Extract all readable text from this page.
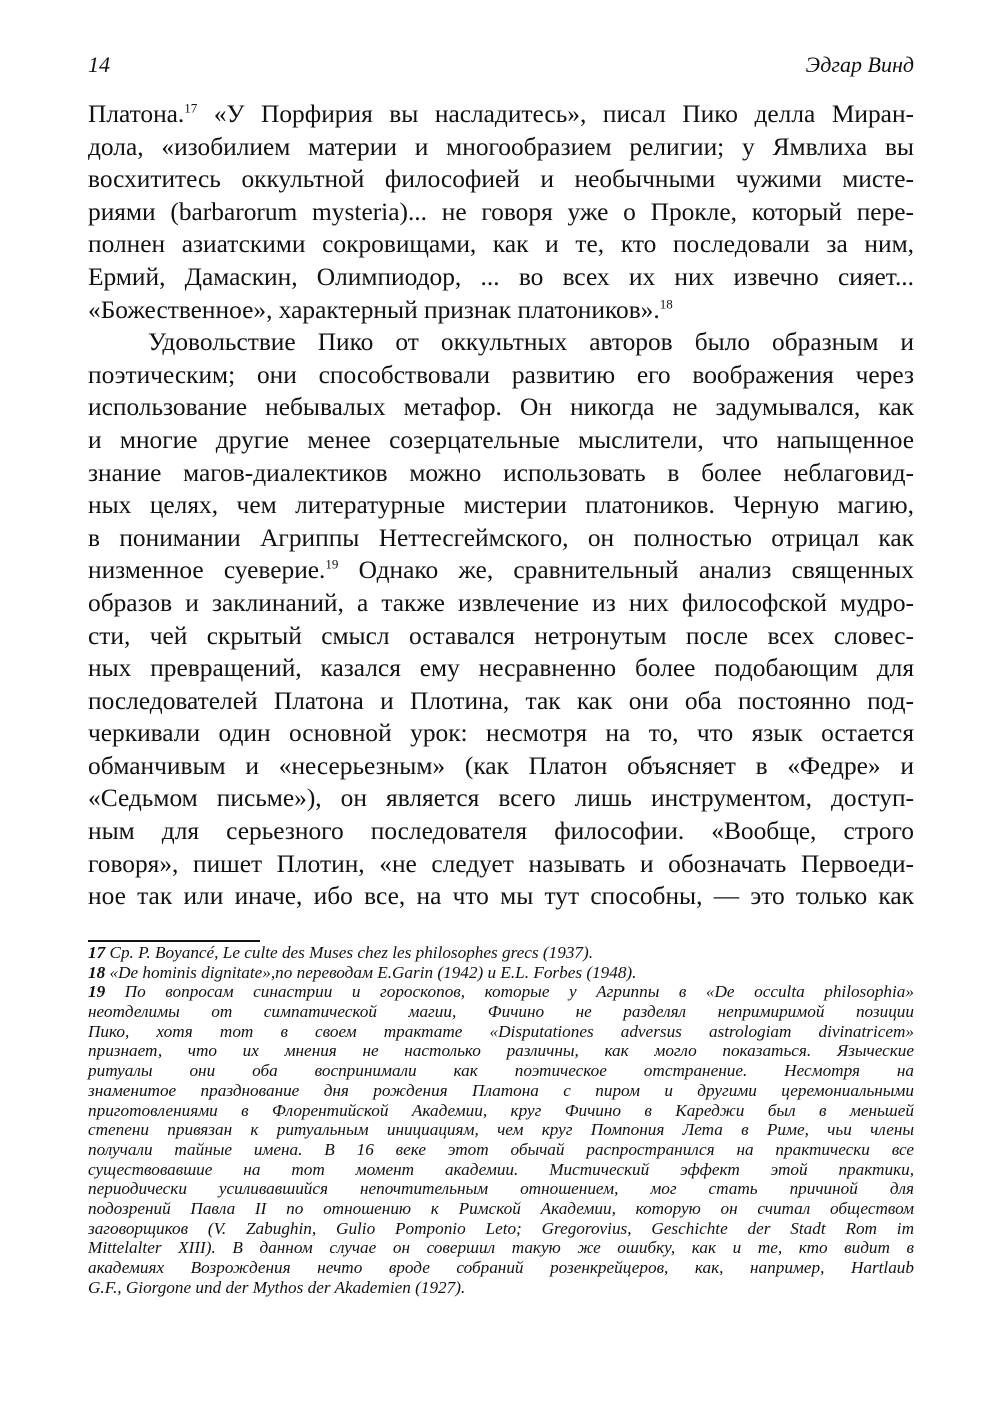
14	Эдгар Винд
Платона.$^{17}$ «У Порфирия вы насладитесь», писал Пико делла Миран-
дола, «изобилием материи и многообразием религии; у Ямвлиха вы
восхититесь оккультной философией и необычными чужими мисте-
риями (barbarorum mysteria)... не говоря уже о Прокле, который пере-
полнен азиатскими сокровищами, как и те, кто последовали за ним,
Ермий, Дамаскин, Олимпиодор, ... во всех их них извечно сияет...
«Божественное», характерный признак платоников».$^{18}$
Удовольствие Пико от оккультных авторов было образным и
поэтическим; они способствовали развитию его воображения через
использование небывалых метафор. Он никогда не задумывался, как
и многие другие менее созерцательные мыслители, что напыщенное
знание магов-диалектиков можно использовать в более неблаговид-
ных целях, чем литературные мистерии платоников. Черную магию,
в понимании Агриппы Неттесгеймского, он полностью отрицал как
низменное суеверие.$^{19}$ Однако же, сравнительный анализ священных
образов и заклинаний, а также извлечение из них философской мудро-
сти, чей скрытый смысл оставался нетронутым после всех словес-
ных превращений, казался ему несравненно более подобающим для
последователей Платона и Плотина, так как они оба постоянно под-
черкивали один основной урок: несмотря на то, что язык остается
обманчивым и «несерьезным» (как Платон объясняет в «Федре» и
«Седьмом письме»), он является всего лишь инструментом, доступ-
ным для серьезного последователя философии. «Вообще, строго
говоря», пишет Плотин, «не следует называть и обозначать Первоеди-
ное так или иначе, ибо все, на что мы тут способны, — это только как
17 Ср. P. Boyancé, Le culte des Muses chez les philosophes grecs (1937).
18 «De hominis dignitate»,по переводам E.Garin (1942) и E.L. Forbes (1948).
19 По вопросам синастрии и гороскопов, которые у Агриппы в «De occulta philosophia»
неотделимы от симпатической магии, Фичино не разделял непримиримой позиции
Пико, хотя тот в своем трактате «Disputationes adversus astrologiam divinatricem»
признает, что их мнения не настолько различны, как могло показаться. Языческие
ритуалы они оба воспринимали как поэтическое отстранение. Несмотря на
знаменитое празднование дня рождения Платона с пиром и другими церемониальными
приготовлениями в Флорентийской Академии, круг Фичино в Кареджи был в меньшей
степени привязан к ритуальным инициациям, чем круг Помпония Лета в Риме, чьи члены
получали тайные имена. В 16 веке этот обычай распространился на практически все
существовавшие на тот момент академии. Мистический эффект этой практики,
периодически усиливавшийся непочтительным отношением, мог стать причиной для
подозрений Павла II по отношению к Римской Академии, которую он считал обществом
заговорщиков (V. Zabughin, Gulio Pomponio Leto; Gregorovius, Geschichte der Stadt Rom im
Mittelalter XIII). В данном случае он совершил такую же ошибку, как и те, кто видит в
академиях Возрождения нечто вроде собраний розенкрейцеров, как, например, Hartlaub
G.F., Giorgone und der Mythos der Akademien (1927).
